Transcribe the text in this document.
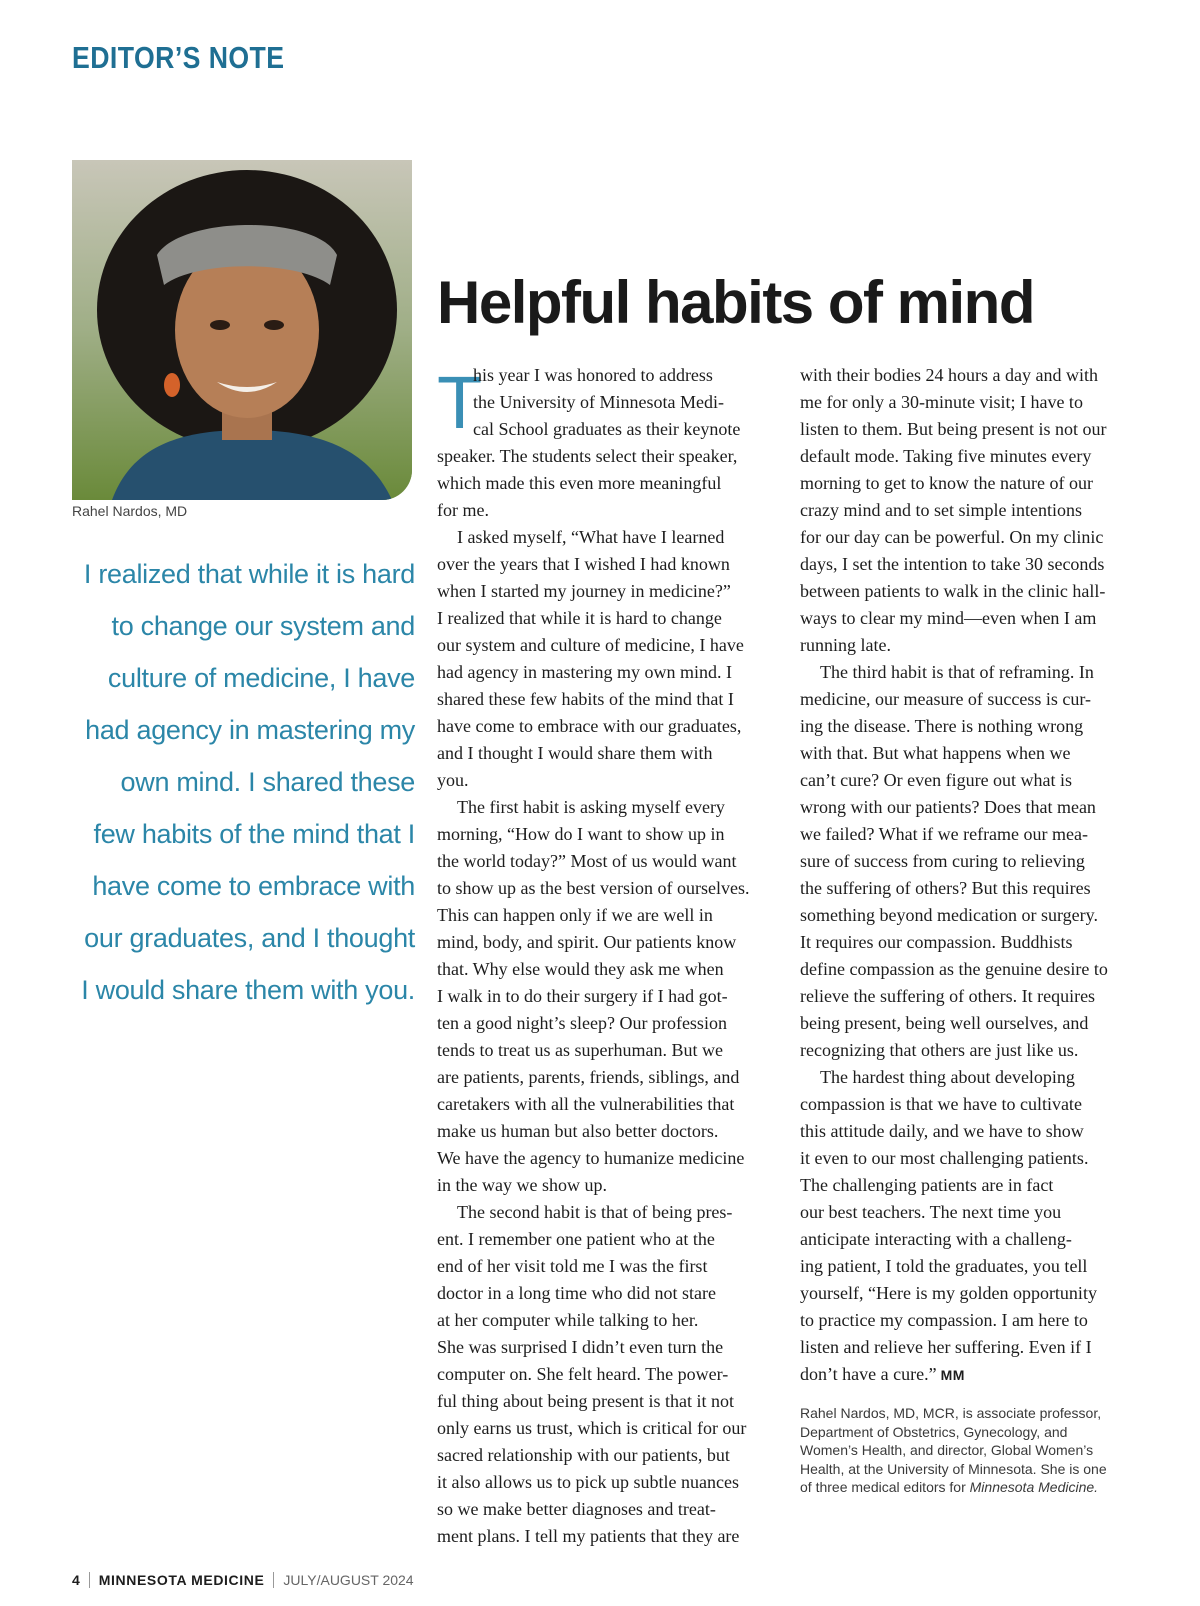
EDITOR’S NOTE
Rahel Nardos, MD
I realized that while it is hard
to change our system and
culture of medicine, I have
had agency in mastering my
own mind. I shared these
few habits of the mind that I
have come to embrace with
our graduates, and I thought
I would share them with you.
Helpful habits of mind
T
his year I was honored to address
the University of Minnesota Medi-
cal School graduates as their keynote
speaker. The students select their speaker,
which made this even more meaningful
for me.
I asked myself, “What have I learned
over the years that I wished I had known
when I started my journey in medicine?”
I realized that while it is hard to change
our system and culture of medicine, I have
had agency in mastering my own mind. I
shared these few habits of the mind that I
have come to embrace with our graduates,
and I thought I would share them with
you.
The first habit is asking myself every
morning, “How do I want to show up in
the world today?” Most of us would want
to show up as the best version of ourselves.
This can happen only if we are well in
mind, body, and spirit. Our patients know
that. Why else would they ask me when
I walk in to do their surgery if I had got-
ten a good night’s sleep? Our profession
tends to treat us as superhuman. But we
are patients, parents, friends, siblings, and
caretakers with all the vulnerabilities that
make us human but also better doctors.
We have the agency to humanize medicine
in the way we show up.
The second habit is that of being pres-
ent. I remember one patient who at the
end of her visit told me I was the first
doctor in a long time who did not stare
at her computer while talking to her.
She was surprised I didn’t even turn the
computer on. She felt heard. The power-
ful thing about being present is that it not
only earns us trust, which is critical for our
sacred relationship with our patients, but
it also allows us to pick up subtle nuances
so we make better diagnoses and treat-
ment plans. I tell my patients that they are
with their bodies 24 hours a day and with
me for only a 30-minute visit; I have to
listen to them. But being present is not our
default mode. Taking five minutes every
morning to get to know the nature of our
crazy mind and to set simple intentions
for our day can be powerful. On my clinic
days, I set the intention to take 30 seconds
between patients to walk in the clinic hall-
ways to clear my mind—even when I am
running late.
The third habit is that of reframing. In
medicine, our measure of success is cur-
ing the disease. There is nothing wrong
with that. But what happens when we
can’t cure? Or even figure out what is
wrong with our patients? Does that mean
we failed? What if we reframe our mea-
sure of success from curing to relieving
the suffering of others? But this requires
something beyond medication or surgery.
It requires our compassion. Buddhists
define compassion as the genuine desire to
relieve the suffering of others. It requires
being present, being well ourselves, and
recognizing that others are just like us.
The hardest thing about developing
compassion is that we have to cultivate
this attitude daily, and we have to show
it even to our most challenging patients.
The challenging patients are in fact
our best teachers. The next time you
anticipate interacting with a challeng-
ing patient, I told the graduates, you tell
yourself, “Here is my golden opportunity
to practice my compassion. I am here to
listen and relieve her suffering. Even if I
don’t have a cure.” MM
Rahel Nardos, MD, MCR, is associate professor,
Department of Obstetrics, Gynecology, and
Women’s Health, and director, Global Women’s
Health, at the University of Minnesota. She is one
of three medical editors for Minnesota Medicine.
4 MINNESOTA MEDICINE JULY/AUGUST 2024
